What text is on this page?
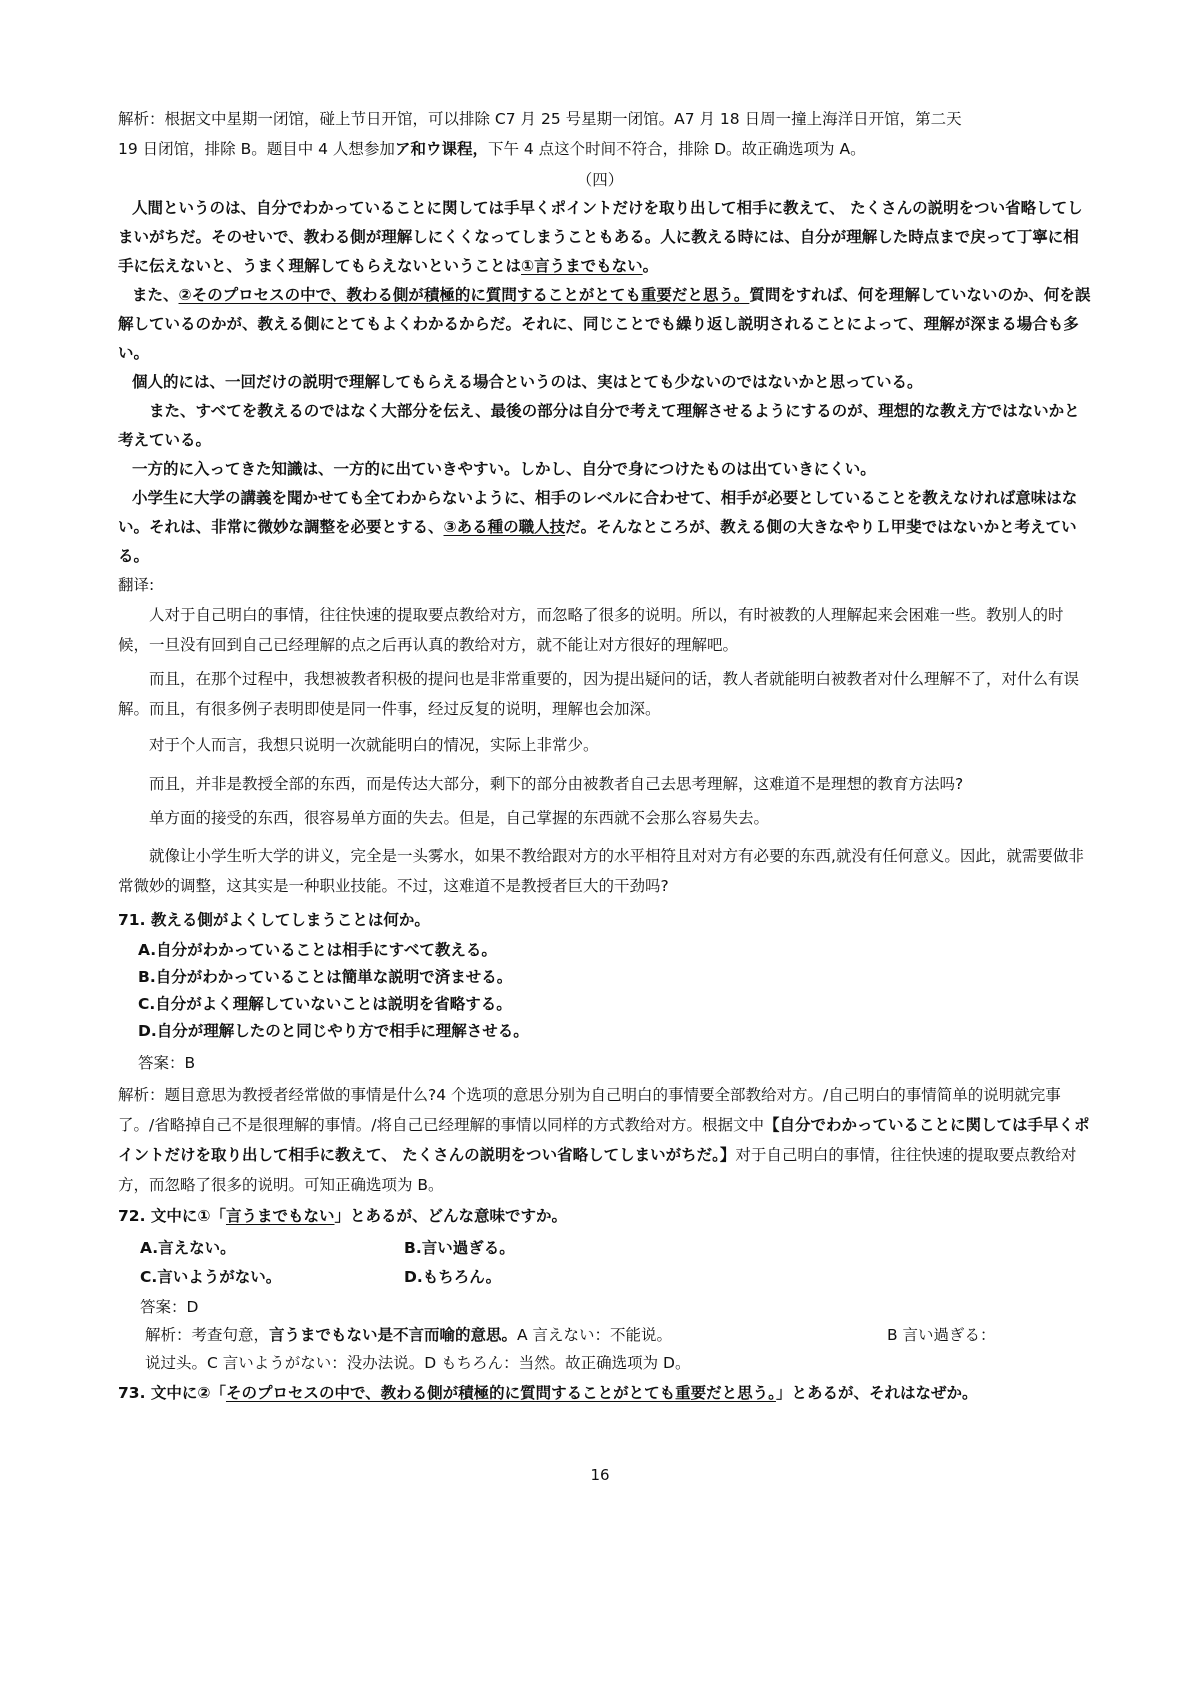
解析：根据文中星期一闭馆，碰上节日开馆，可以排除 C7 月 25 号星期一闭馆。A7 月 18 日周一撞上海洋日开馆，第二天
19 日闭馆，排除 B。题目中 4 人想参加ア和ウ课程，下午 4 点这个时间不符合，排除 D。故正确选项为 A。

（四）

人間というのは、自分でわかっていることに関しては手早くポイントだけを取り出して相手に教えて、 たくさんの説明をつい省略してしまいがちだ。そのせいで、教わる側が理解しにくくなってしまうこともある。人に教える時には、自分が理解した時点まで戻って丁寧に相手に伝えないと、うまく理解してもらえないということは①言うまでもない。

また、②そのプロセスの中で、教わる側が積極的に質問することがとても重要だと思う。質問をすれば、何を理解していないのか、何を誤解しているのかが、教える側にとてもよくわかるからだ。それに、同じことでも繰り返し説明されることによって、理解が深まる場合も多い。

個人的には、一回だけの説明で理解してもらえる場合というのは、実はとても少ないのではないかと思っている。

また、すべてを教えるのではなく大部分を伝え、最後の部分は自分で考えて理解させるようにするのが、理想的な教え方ではないかと考えている。

一方的に入ってきた知識は、一方的に出ていきやすい。しかし、自分で身につけたものは出ていきにくい。

小学生に大学の講義を聞かせても全てわからないように、相手のレベルに合わせて、相手が必要としていることを教えなければ意味はない。それは、非常に微妙な調整を必要とする、③ある種の職人技だ。そんなところが、教える側の大きなやりＬ甲斐ではないかと考えている。

翻译:

人对于自己明白的事情，往往快速的提取要点教给对方，而忽略了很多的说明。所以，有时被教的人理解起来会困难一些。教别人的时候，一旦没有回到自己已经理解的点之后再认真的教给对方，就不能让对方很好的理解吧。

而且，在那个过程中，我想被教者积极的提问也是非常重要的，因为提出疑问的话，教人者就能明白被教者对什么理解不了，对什么有误解。而且，有很多例子表明即使是同一件事，经过反复的说明，理解也会加深。

对于个人而言，我想只说明一次就能明白的情况，实际上非常少。

而且，并非是教授全部的东西，而是传达大部分，剩下的部分由被教者自己去思考理解，这难道不是理想的教育方法吗?

单方面的接受的东西，很容易单方面的失去。但是，自己掌握的东西就不会那么容易失去。

就像让小学生听大学的讲义，完全是一头雾水，如果不教给跟对方的水平相符且对对方有必要的东西,就没有任何意义。因此，就需要做非常微妙的调整，这其实是一种职业技能。不过，这难道不是教授者巨大的干劲吗?

71. 教える側がよくしてしまうことは何か。

A.自分がわかっていることは相手にすべて教える。
B.自分がわかっていることは簡単な説明で済ませる。
C.自分がよく理解していないことは説明を省略する。
D.自分が理解したのと同じやり方で相手に理解させる。
答案：B

解析：题目意思为教授者经常做的事情是什么?4 个选项的意思分别为自己明白的事情要全部教给对方。/自己明白的事情简单的说明就完事了。/省略掉自己不是很理解的事情。/将自己已经理解的事情以同样的方式教给对方。根据文中【自分でわかっていることに関しては手早くポイントだけを取り出して相手に教えて、 たくさんの説明をつい省略してしまいがちだ。】对于自己明白的事情，往往快速的提取要点教给对方，而忽略了很多的说明。可知正确选项为 B。

72. 文中に①「言うまでもない」とあるが、どんな意味ですか。

A.言えない。	B.言い過ぎる。
C.言いようがない。	D.もちろん。
答案：D
解析：考查句意，言うまでもない是不言而喻的意思。A 言えない：不能说。	B 言い過ぎる：
说过头。C 言いようがない：没办法说。D もちろん：当然。故正确选项为 D。

73. 文中に②「そのプロセスの中で、教わる側が積極的に質問することがとても重要だと思う。」とあるが、それはなぜか。

16
